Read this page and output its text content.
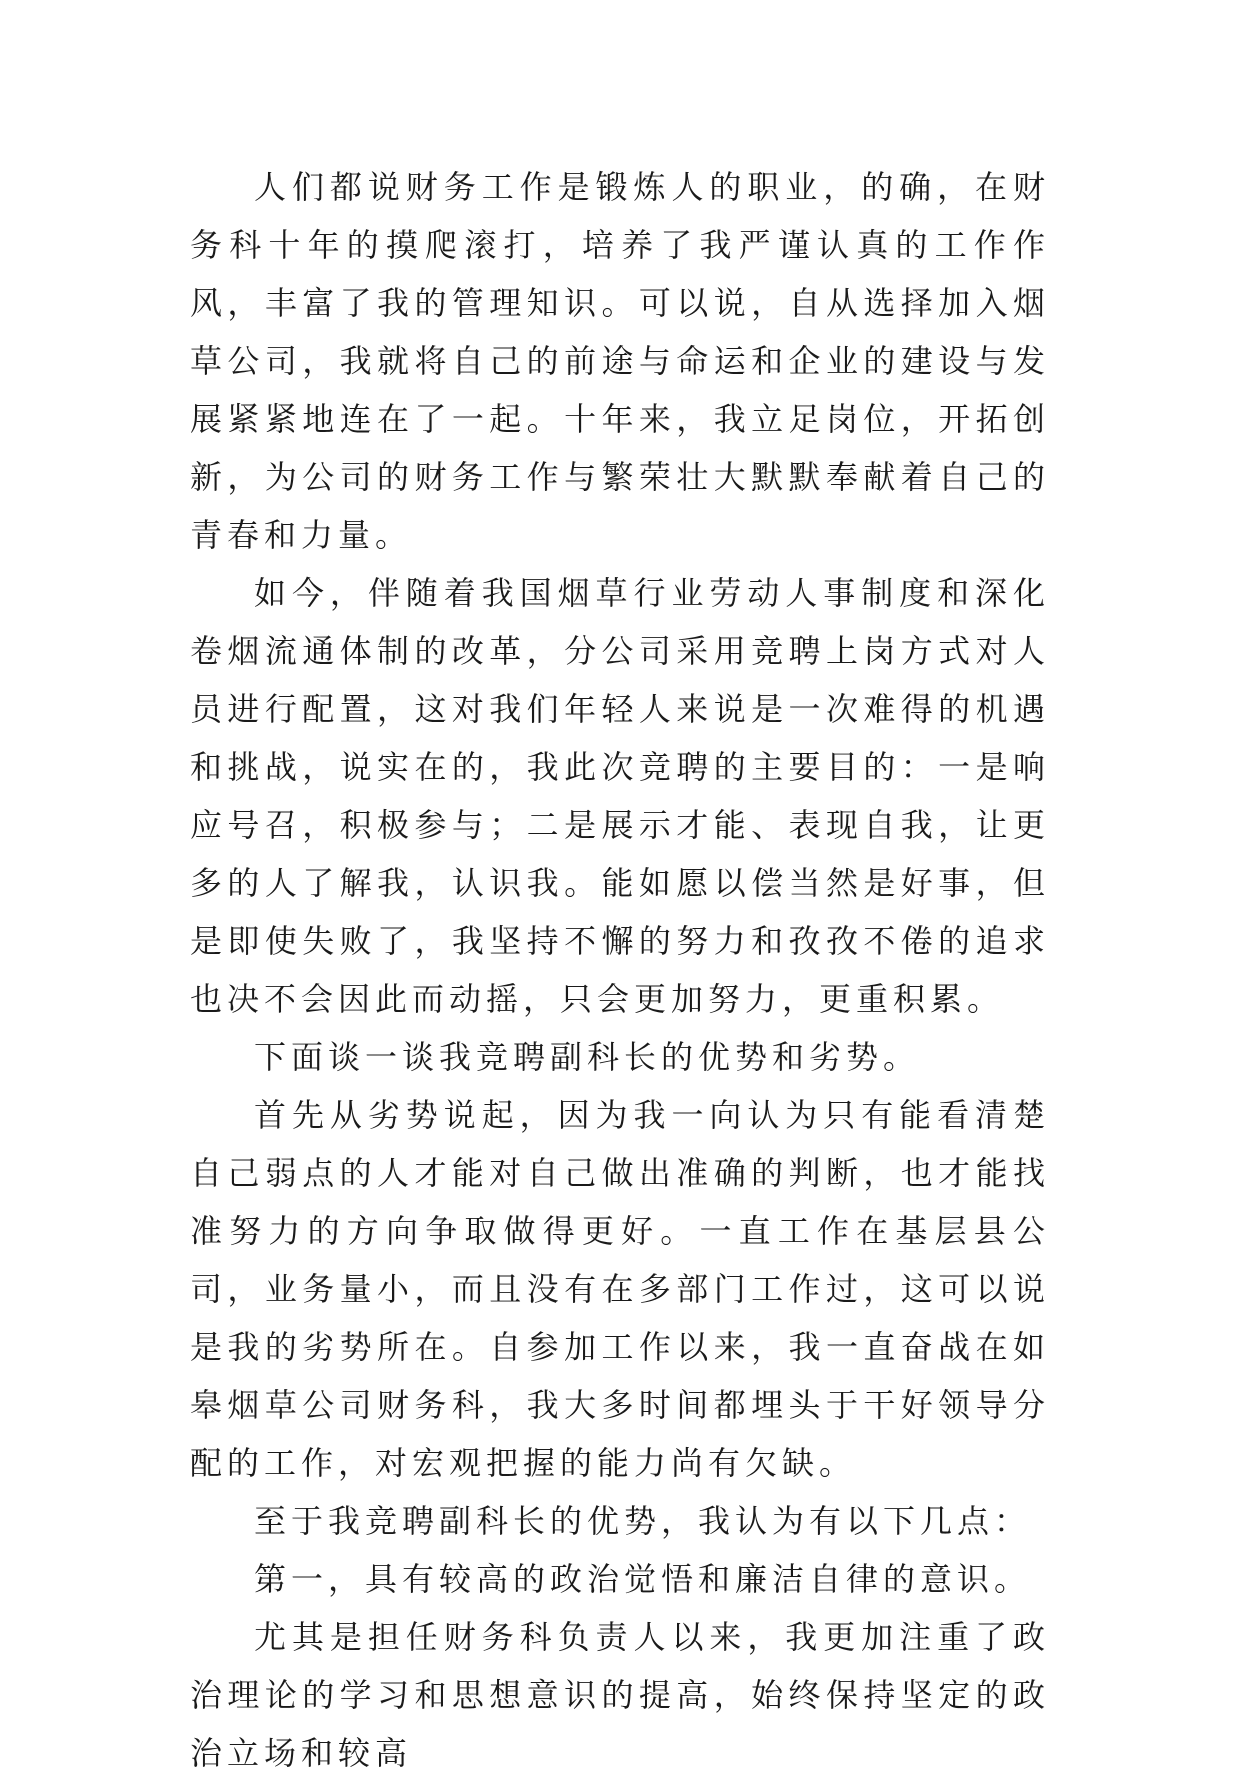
人们都说财务工作是锻炼人的职业，的确，在财务科十年的摸爬滚打，培养了我严谨认真的工作作风，丰富了我的管理知识。可以说，自从选择加入烟草公司，我就将自己的前途与命运和企业的建设与发展紧紧地连在了一起。十年来，我立足岗位，开拓创新，为公司的财务工作与繁荣壮大默默奉献着自己的青春和力量。

如今，伴随着我国烟草行业劳动人事制度和深化卷烟流通体制的改革，分公司采用竞聘上岗方式对人员进行配置，这对我们年轻人来说是一次难得的机遇和挑战，说实在的，我此次竞聘的主要目的：一是响应号召，积极参与；二是展示才能、表现自我，让更多的人了解我，认识我。能如愿以偿当然是好事，但是即使失败了，我坚持不懈的努力和孜孜不倦的追求也决不会因此而动摇，只会更加努力，更重积累。

下面谈一谈我竞聘副科长的优势和劣势。

首先从劣势说起，因为我一向认为只有能看清楚自己弱点的人才能对自己做出准确的判断，也才能找准努力的方向争取做得更好。一直工作在基层县公司，业务量小，而且没有在多部门工作过，这可以说是我的劣势所在。自参加工作以来，我一直奋战在如皋烟草公司财务科，我大多时间都埋头于干好领导分配的工作，对宏观把握的能力尚有欠缺。

至于我竞聘副科长的优势，我认为有以下几点：

第一，具有较高的政治觉悟和廉洁自律的意识。

尤其是担任财务科负责人以来，我更加注重了政治理论的学习和思想意识的提高，始终保持坚定的政治立场和较高
